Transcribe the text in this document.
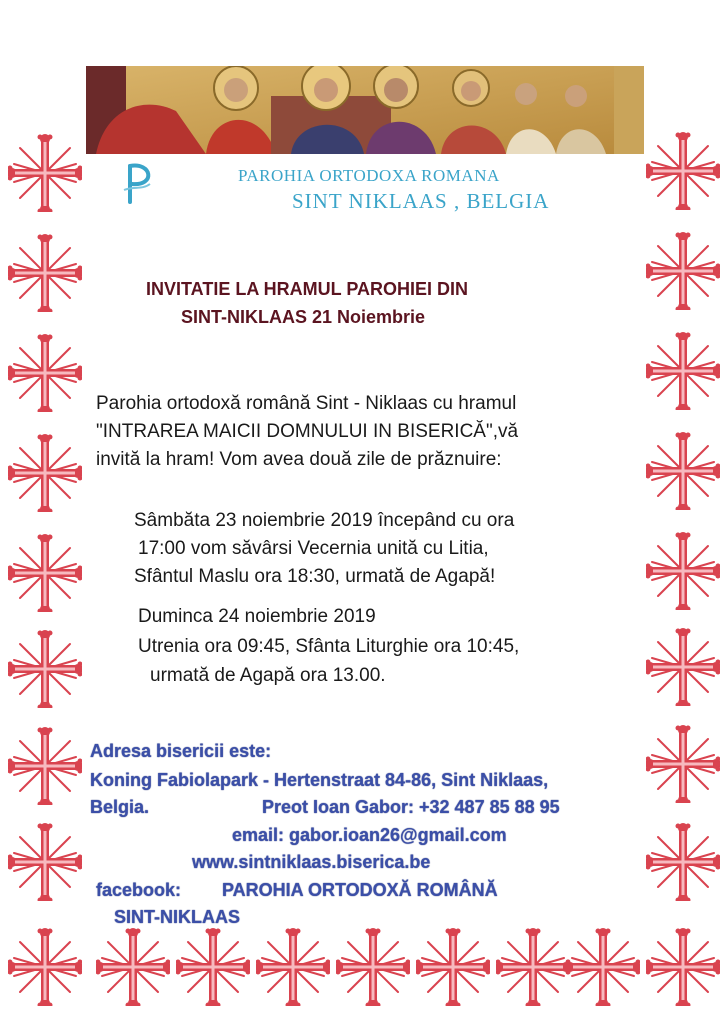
PAROHIA ORTODOXA ROMANA
SINT NIKLAAS , BELGIA
INVITATIE LA HRAMUL PAROHIEI DIN
SINT-NIKLAAS 21 Noiembrie
Parohia ortodoxă română Sint - Niklaas cu hramul
"INTRAREA MAICII DOMNULUI IN BISERICĂ",vă
invită la hram! Vom avea două zile de prăznuire:
Sâmbăta 23 noiembrie 2019 începând cu ora
17:00 vom săvârsi Vecernia unită cu Litia,
Sfântul Maslu ora 18:30, urmată de Agapă!
Duminca 24 noiembrie 2019
Utrenia ora 09:45, Sfânta Liturghie ora 10:45,
urmată de Agapă ora 13.00.
Adresa bisericii este:
Koning Fabiolapark - Hertenstraat 84-86, Sint Niklaas,
Belgia.	Preot Ioan Gabor: +32 487 85 88 95
email: gabor.ioan26@gmail.com
www.sintniklaas.biserica.be
facebook: PAROHIA ORTODOXĂ ROMÂNĂ
SINT-NIKLAAS
